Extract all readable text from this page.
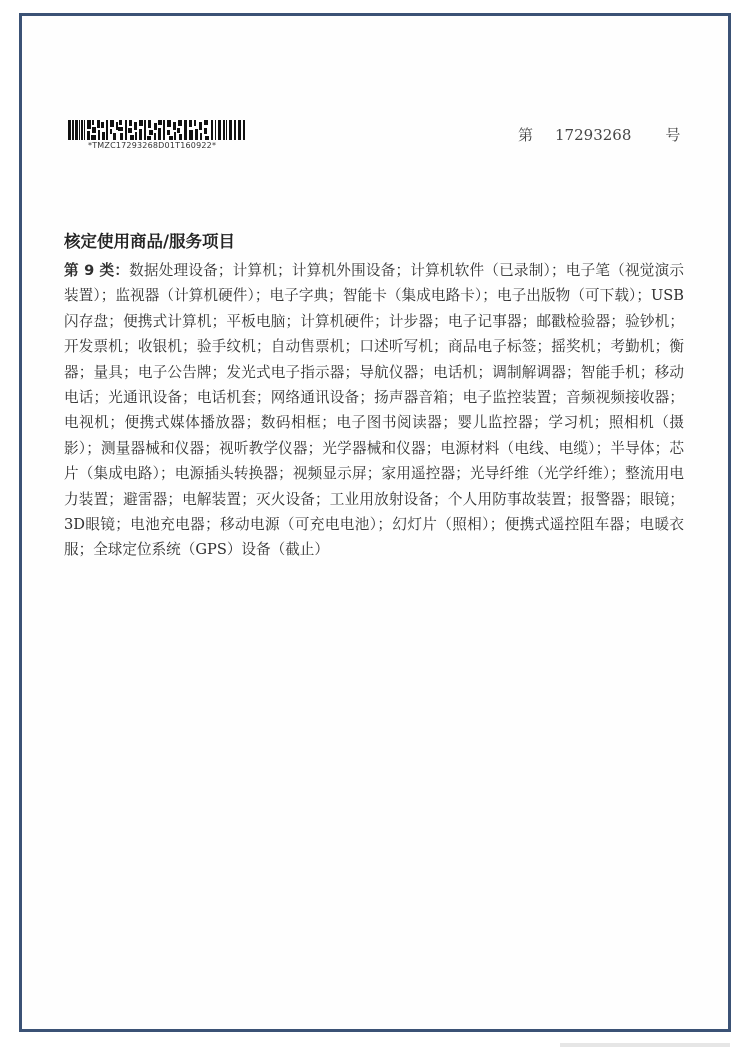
*TMZC17293268D01T160922*
第 17293268 号
核定使用商品/服务项目
第 9 类：数据处理设备；计算机；计算机外围设备；计算机软件（已录制）；电子笔（视觉演示装置）；监视器（计算机硬件）；电子字典；智能卡（集成电路卡）；电子出版物（可下载）；USB闪存盘；便携式计算机；平板电脑；计算机硬件；计步器；电子记事器；邮戳检验器；验钞机；开发票机；收银机；验手纹机；自动售票机；口述听写机；商品电子标签；摇奖机；考勤机；衡器；量具；电子公告牌；发光式电子指示器；导航仪器；电话机；调制解调器；智能手机；移动电话；光通讯设备；电话机套；网络通讯设备；扬声器音箱；电子监控装置；音频视频接收器；电视机；便携式媒体播放器；数码相框；电子图书阅读器；婴儿监控器；学习机；照相机（摄影）；测量器械和仪器；视听教学仪器；光学器械和仪器；电源材料（电线、电缆）；半导体；芯片（集成电路）；电源插头转换器；视频显示屏；家用遥控器；光导纤维（光学纤维）；整流用电力装置；避雷器；电解装置；灭火设备；工业用放射设备；个人用防事故装置；报警器；眼镜；3D眼镜；电池充电器；移动电源（可充电电池）；幻灯片（照相）；便携式遥控阻车器；电暖衣服；全球定位系统（GPS）设备（截止）
